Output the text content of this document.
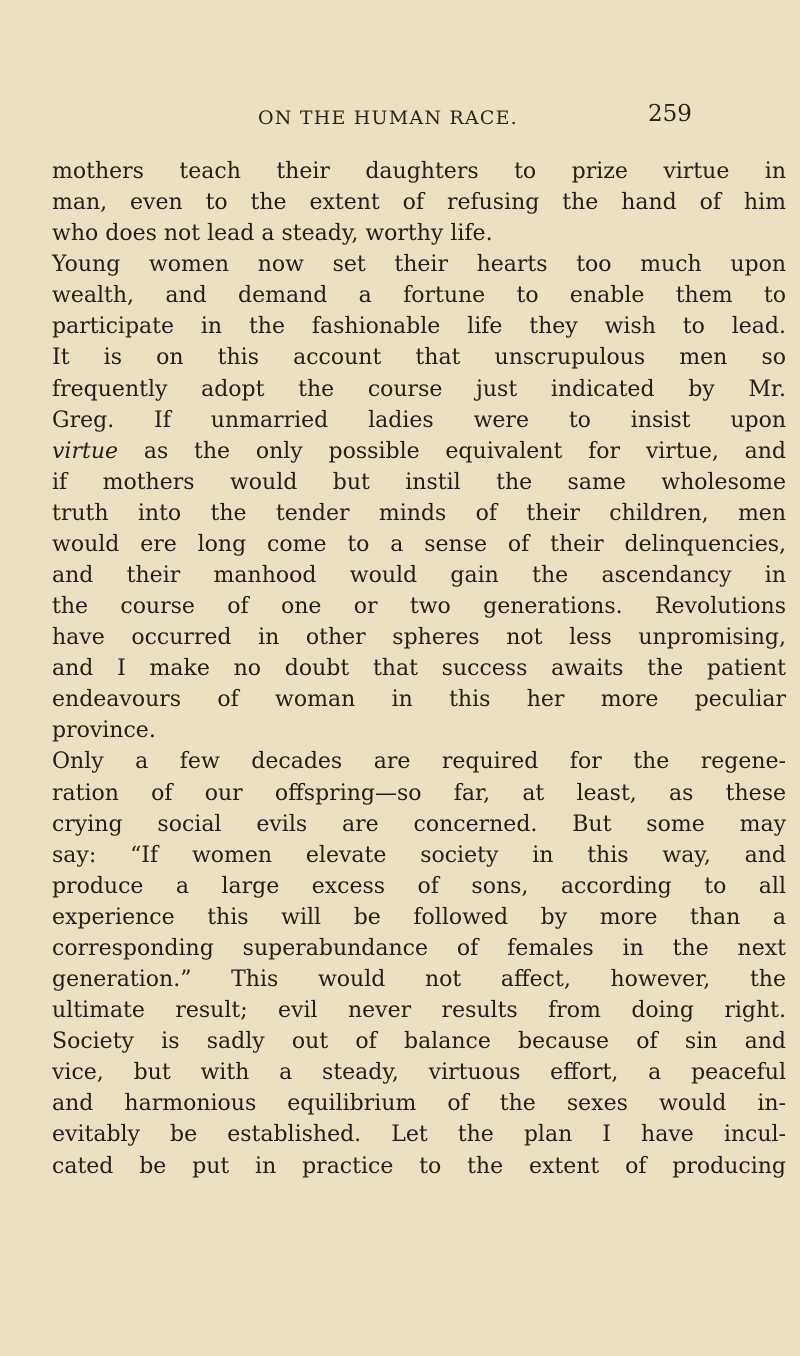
ON THE HUMAN RACE.	259
mothers teach their daughters to prize virtue in
man, even to the extent of refusing the hand of him
who does not lead a steady, worthy life.
Young women now set their hearts too much upon
wealth, and demand a fortune to enable them to
participate in the fashionable life they wish to lead.
It is on this account that unscrupulous men so
frequently adopt the course just indicated by Mr.
Greg. If unmarried ladies were to insist upon
virtue as the only possible equivalent for virtue, and
if mothers would but instil the same wholesome
truth into the tender minds of their children, men
would ere long come to a sense of their delinquencies,
and their manhood would gain the ascendancy in
the course of one or two generations. Revolutions
have occurred in other spheres not less unpromising,
and I make no doubt that success awaits the patient
endeavours of woman in this her more peculiar
province.
Only a few decades are required for the regene-
ration of our offspring—so far, at least, as these
crying social evils are concerned. But some may
say: “If women elevate society in this way, and
produce a large excess of sons, according to all
experience this will be followed by more than a
corresponding superabundance of females in the next
generation.” This would not affect, however, the
ultimate result; evil never results from doing right.
Society is sadly out of balance because of sin and
vice, but with a steady, virtuous effort, a peaceful
and harmonious equilibrium of the sexes would in-
evitably be established. Let the plan I have incul-
cated be put in practice to the extent of producing
